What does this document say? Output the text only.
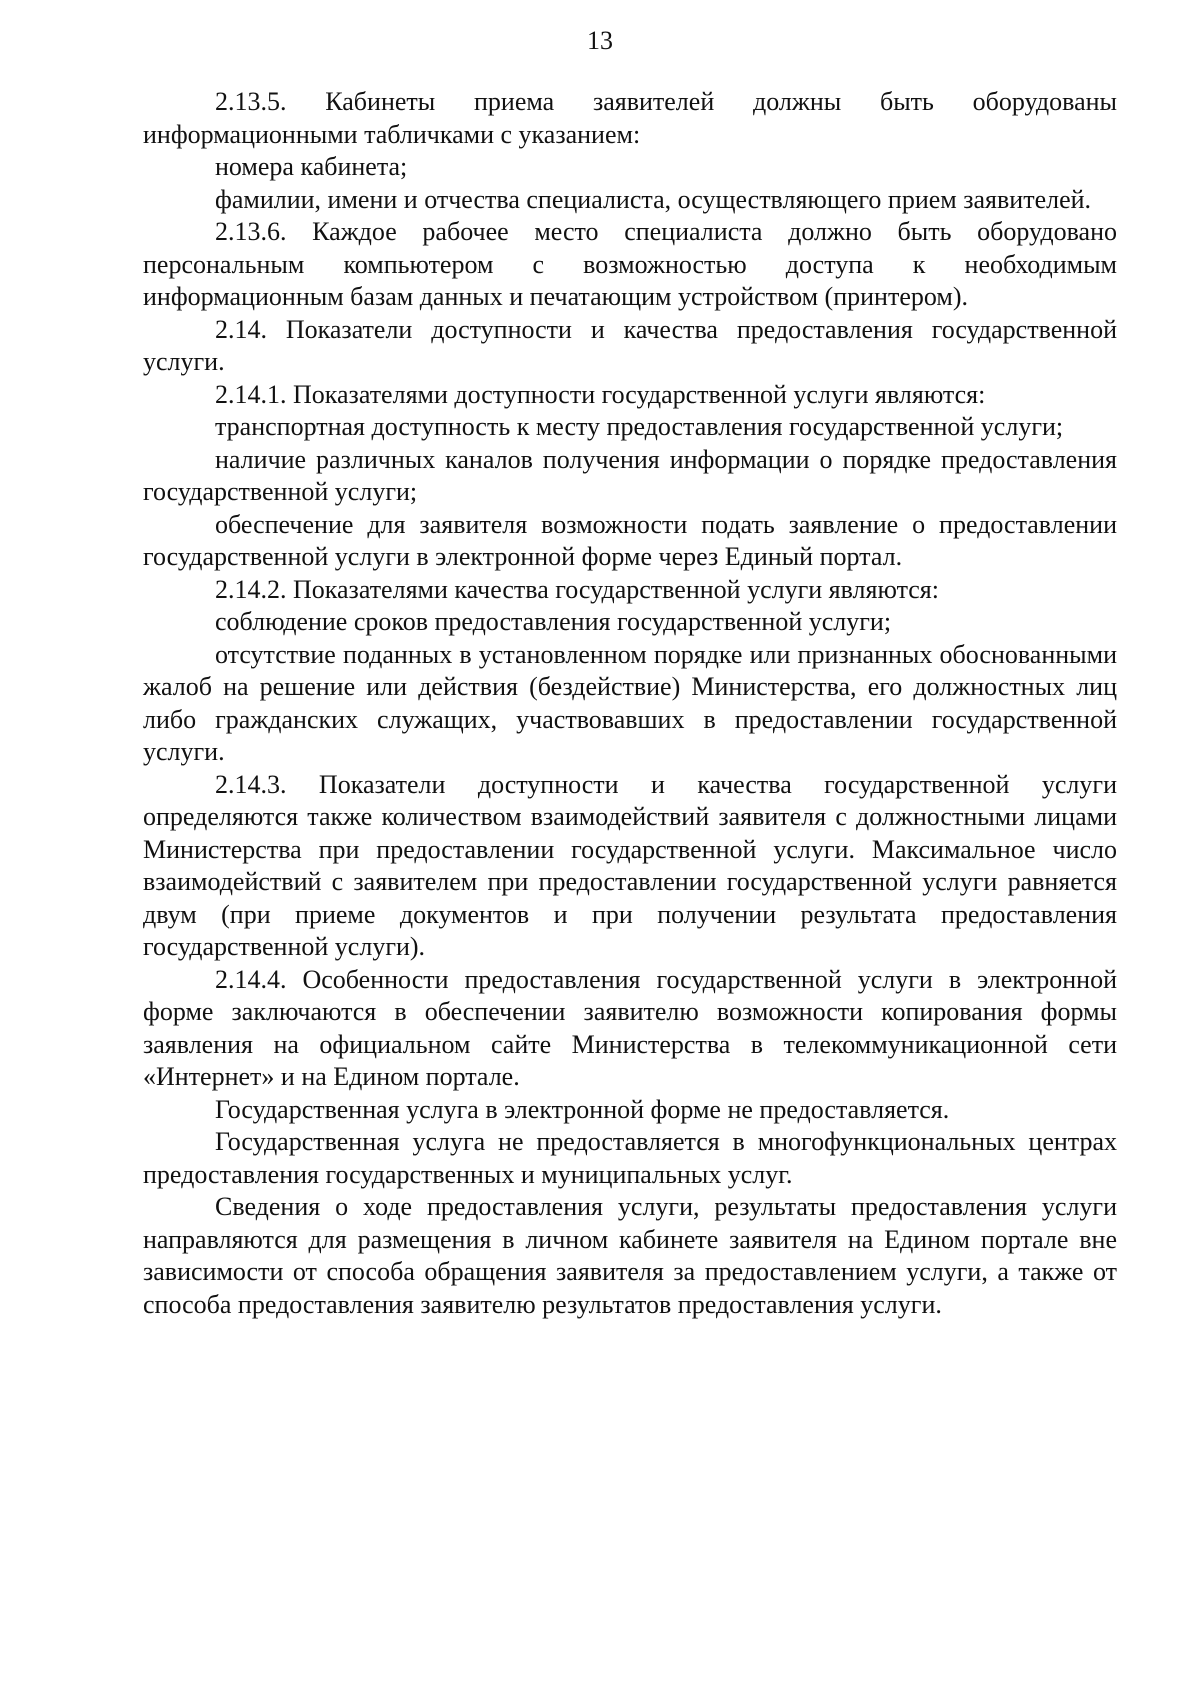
13

2.13.5. Кабинеты приема заявителей должны быть оборудованы информационными табличками с указанием:

номера кабинета;

фамилии, имени и отчества специалиста, осуществляющего прием заявителей.

2.13.6. Каждое рабочее место специалиста должно быть оборудовано персональным компьютером с возможностью доступа к необходимым информационным базам данных и печатающим устройством (принтером).

2.14. Показатели доступности и качества предоставления государственной услуги.

2.14.1. Показателями доступности государственной услуги являются:

транспортная доступность к месту предоставления государственной услуги;

наличие различных каналов получения информации о порядке предоставления государственной услуги;

обеспечение для заявителя возможности подать заявление о предоставлении государственной услуги в электронной форме через Единый портал.

2.14.2. Показателями качества государственной услуги являются:

соблюдение сроков предоставления государственной услуги;

отсутствие поданных в установленном порядке или признанных обоснованными жалоб на решение или действия (бездействие) Министерства, его должностных лиц либо гражданских служащих, участвовавших в предоставлении государственной услуги.

2.14.3. Показатели доступности и качества государственной услуги определяются также количеством взаимодействий заявителя с должностными лицами Министерства при предоставлении государственной услуги. Максимальное число взаимодействий с заявителем при предоставлении государственной услуги равняется двум (при приеме документов и при получении результата предоставления государственной услуги).

2.14.4. Особенности предоставления государственной услуги в электронной форме заключаются в обеспечении заявителю возможности копирования формы заявления на официальном сайте Министерства в телекоммуникационной сети «Интернет» и на Едином портале.

Государственная услуга в электронной форме не предоставляется.

Государственная услуга не предоставляется в многофункциональных центрах предоставления государственных и муниципальных услуг.

Сведения о ходе предоставления услуги, результаты предоставления услуги направляются для размещения в личном кабинете заявителя на Едином портале вне зависимости от способа обращения заявителя за предоставлением услуги, а также от способа предоставления заявителю результатов предоставления услуги.
